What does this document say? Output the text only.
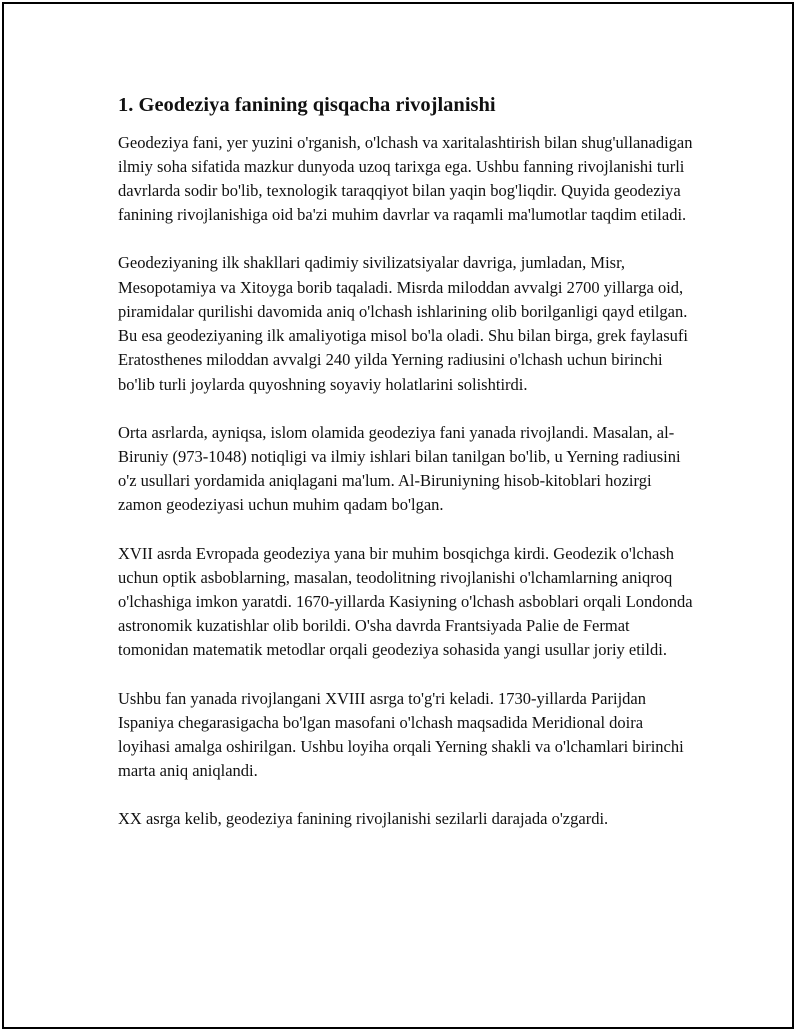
1. Geodeziya fanining qisqacha rivojlanishi

Geodeziya fani, yer yuzini o'rganish, o'lchash va xaritalashtirish bilan shug'ullanadigan ilmiy soha sifatida mazkur dunyoda uzoq tarixga ega. Ushbu fanning rivojlanishi turli davrlarda sodir bo'lib, texnologik taraqqiyot bilan yaqin bog'liqdir. Quyida geodeziya fanining rivojlanishiga oid ba'zi muhim davrlar va raqamli ma'lumotlar taqdim etiladi.

Geodeziyaning ilk shakllari qadimiy sivilizatsiyalar davriga, jumladan, Misr, Mesopotamiya va Xitoyga borib taqaladi. Misrda miloddan avvalgi 2700 yillarga oid, piramidalar qurilishi davomida aniq o'lchash ishlarining olib borilganligi qayd etilgan. Bu esa geodeziyaning ilk amaliyotiga misol bo'la oladi. Shu bilan birga, grek faylasufi Eratosthenes miloddan avvalgi 240 yilda Yerning radiusini o'lchash uchun birinchi bo'lib turli joylarda quyoshning soyaviy holatlarini solishtirdi.

Orta asrlarda, ayniqsa, islom olamida geodeziya fani yanada rivojlandi. Masalan, al-Biruniy (973-1048) notiqligi va ilmiy ishlari bilan tanilgan bo'lib, u Yerning radiusini o'z usullari yordamida aniqlagani ma'lum. Al-Biruniyning hisob-kitoblari hozirgi zamon geodeziyasi uchun muhim qadam bo'lgan.

XVII asrda Evropada geodeziya yana bir muhim bosqichga kirdi. Geodezik o'lchash uchun optik asboblarning, masalan, teodolitning rivojlanishi o'lchamlarning aniqroq o'lchashiga imkon yaratdi. 1670-yillarda Kasiyning o'lchash asboblari orqali Londonda astronomik kuzatishlar olib borildi. O'sha davrda Frantsiyada Palie de Fermat tomonidan matematik metodlar orqali geodeziya sohasida yangi usullar joriy etildi.

Ushbu fan yanada rivojlangani XVIII asrga to'g'ri keladi. 1730-yillarda Parijdan Ispaniya chegarasigacha bo'lgan masofani o'lchash maqsadida Meridional doira loyihasi amalga oshirilgan. Ushbu loyiha orqali Yerning shakli va o'lchamlari birinchi marta aniq aniqlandi.

XX asrga kelib, geodeziya fanining rivojlanishi sezilarli darajada o'zgardi.
